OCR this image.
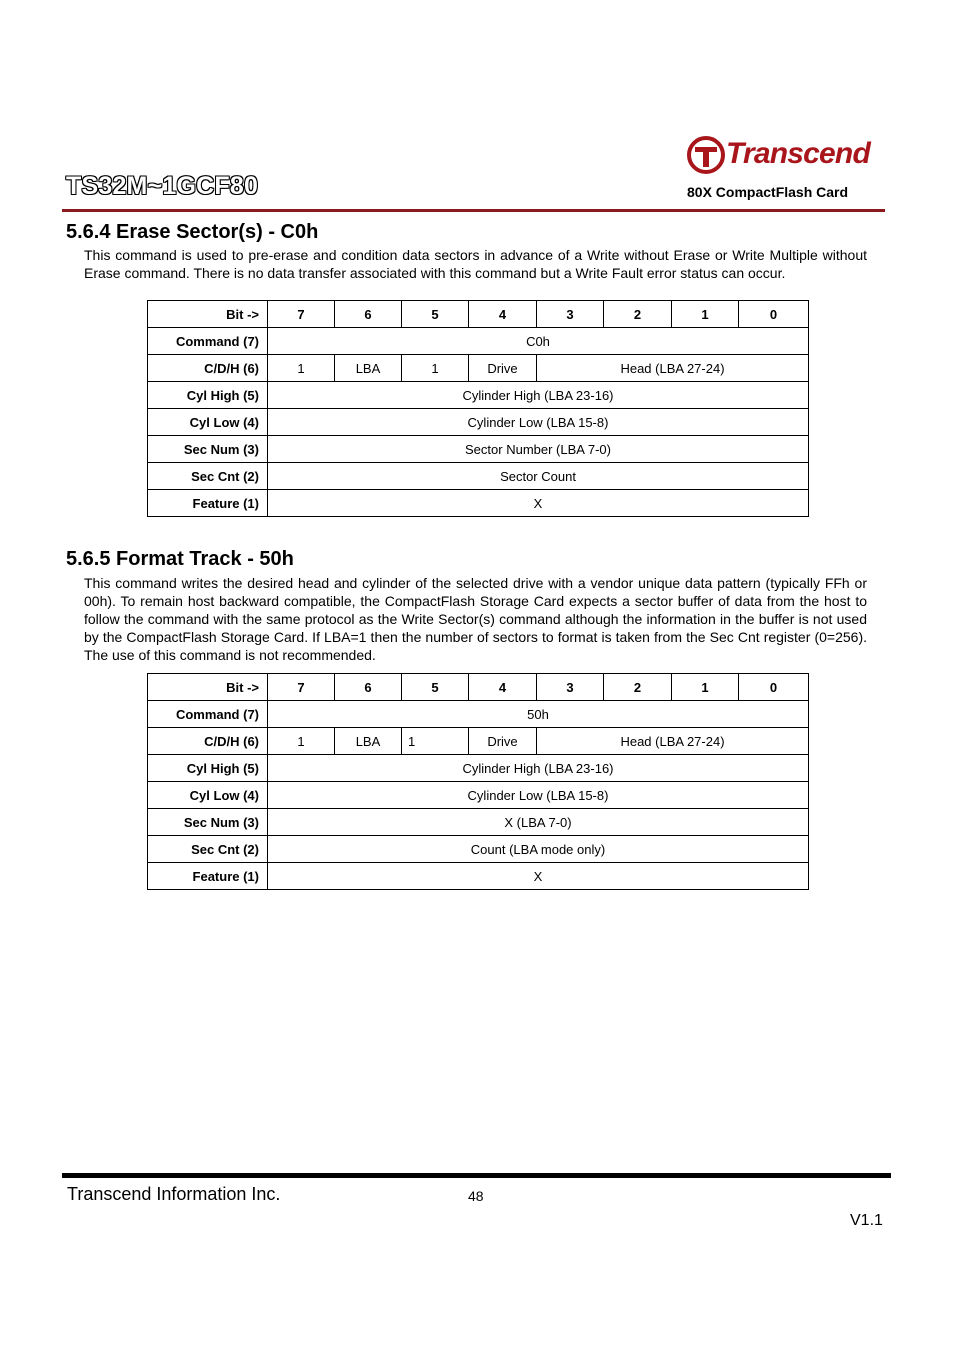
TS32M~1GCF80
Transcend
80X CompactFlash Card
5.6.4 Erase Sector(s) - C0h
This command is used to pre-erase and condition data sectors in advance of a Write without Erase or Write Multiple without Erase command. There is no data transfer associated with this command but a Write Fault error status can occur.
Bit ->	7	6	5	4	3	2	1	0
Command (7)	C0h							
C/D/H (6)	1	LBA	1	Drive	Head (LBA 27-24)			
Cyl High (5)	Cylinder High (LBA 23-16)							
Cyl Low (4)	Cylinder Low (LBA 15-8)							
Sec Num (3)	Sector Number (LBA 7-0)							
Sec Cnt (2)	Sector Count							
Feature (1)	X							
5.6.5 Format Track - 50h
This command writes the desired head and cylinder of the selected drive with a vendor unique data pattern (typically FFh or 00h). To remain host backward compatible, the CompactFlash Storage Card expects a sector buffer of data from the host to follow the command with the same protocol as the Write Sector(s) command although the information in the buffer is not used by the CompactFlash Storage Card. If LBA=1 then the number of sectors to format is taken from the Sec Cnt register (0=256). The use of this command is not recommended.
Bit ->	7	6	5	4	3	2	1	0
Command (7)	50h							
C/D/H (6)	1	LBA	1	Drive	Head (LBA 27-24)			
Cyl High (5)	Cylinder High (LBA 23-16)							
Cyl Low (4)	Cylinder Low (LBA 15-8)							
Sec Num (3)	X (LBA 7-0)							
Sec Cnt (2)	Count (LBA mode only)							
Feature (1)	X							
Transcend Information Inc.	48
V1.1
